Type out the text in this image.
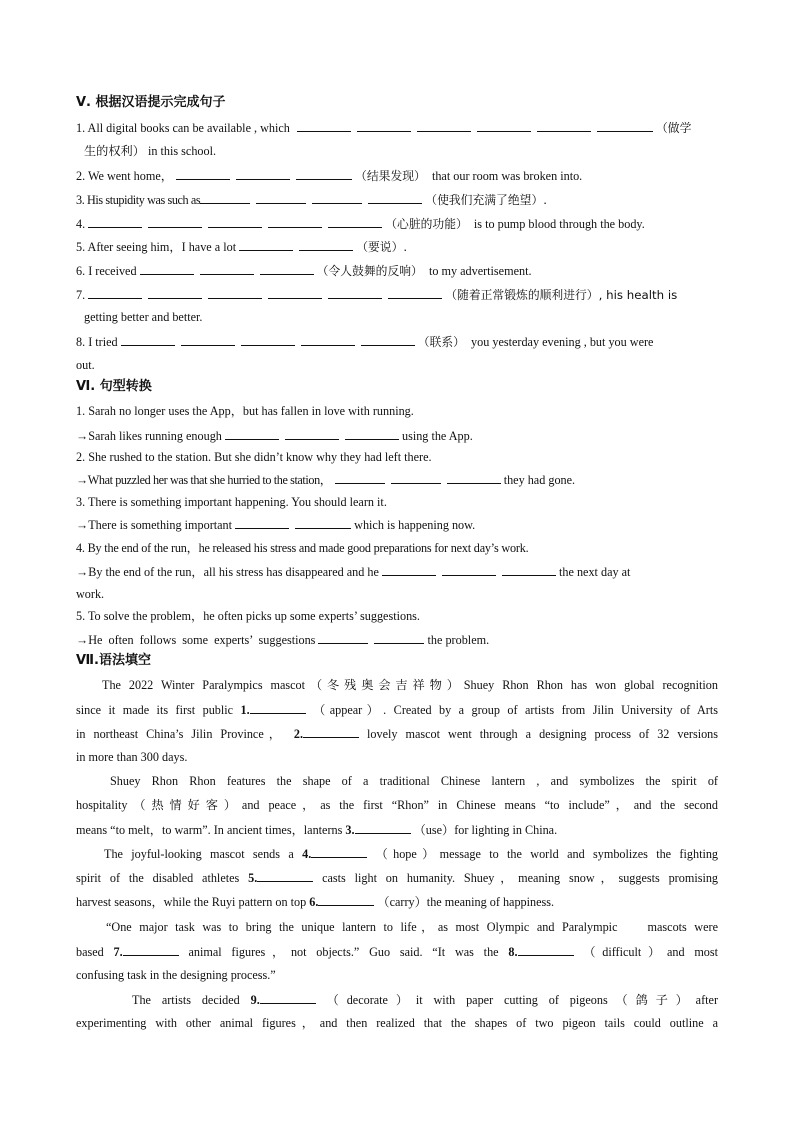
Ⅴ. 根据汉语提示完成句子
1. All digital books can be available , which	（做学
生的权利） in this school.
2. We went home，	（结果发现） that our room was broken into.
3. His stupidity was such as	（使我们充满了绝望）.
4.	（心脏的功能） is to pump blood through the body.
5. After seeing him，I have a lot	（要说）.
6. I received	（令人鼓舞的反响） to my advertisement.
7.	（随着正常锻炼的顺利进行）, his health is
getting better and better.
8. I tried	（联系） you yesterday evening , but you were
out.
Ⅵ. 句型转换
1. Sarah no longer uses the App，but has fallen in love with running.
→Sarah likes running enough	using the App.
2. She rushed to the station. But she didn’t know why they had left there.
→What puzzled her was that she hurried to the station，	they had gone.
3. There is something important happening. You should learn it.
→There is something important	which is happening now.
4. By the end of the run，he released his stress and made good preparations for next day’s work.
→By the end of the run，all his stress has disappeared and he	the next day at
work.
5. To solve the problem，he often picks up some experts’ suggestions.
→He  often  follows  some  experts’  suggestions	the problem.
Ⅶ.语法填空
The 2022 Winter Paralympics mascot（冬残奥会吉祥物）Shuey Rhon Rhon has won global recognition
since it made its first public 1.	（appear）. Created by a group of artists from Jilin University of Arts
in northeast China’s Jilin Province， 2.	lovely mascot went through a designing process of 32 versions
in more than 300 days.
Shuey Rhon Rhon features the shape of a traditional Chinese lantern , and symbolizes the spirit of
hospitality（热情好客）and peace，as the first “Rhon” in Chinese means “to include”，and the second
means “to melt，to warm”. In ancient times，lanterns 3.	（use）for lighting in China.
The joyful-looking mascot sends a 4.	（hope）message to the world and symbolizes the fighting
spirit of the disabled athletes 5.	casts light on humanity. Shuey，meaning snow，suggests promising
harvest seasons，while the Ruyi pattern on top 6.	（carry）the meaning of happiness.
“One major task was to bring the unique lantern to life，as most Olympic and Paralympic    mascots were
based 7.	animal figures，not objects.” Guo said. “It was the 8.	（difficult）and most
confusing task in the designing process.”
The artists decided 9.	（decorate）it with paper cutting of pigeons（鸽子）after
experimenting with other animal figures，and then realized that the shapes of two pigeon tails could outline a
